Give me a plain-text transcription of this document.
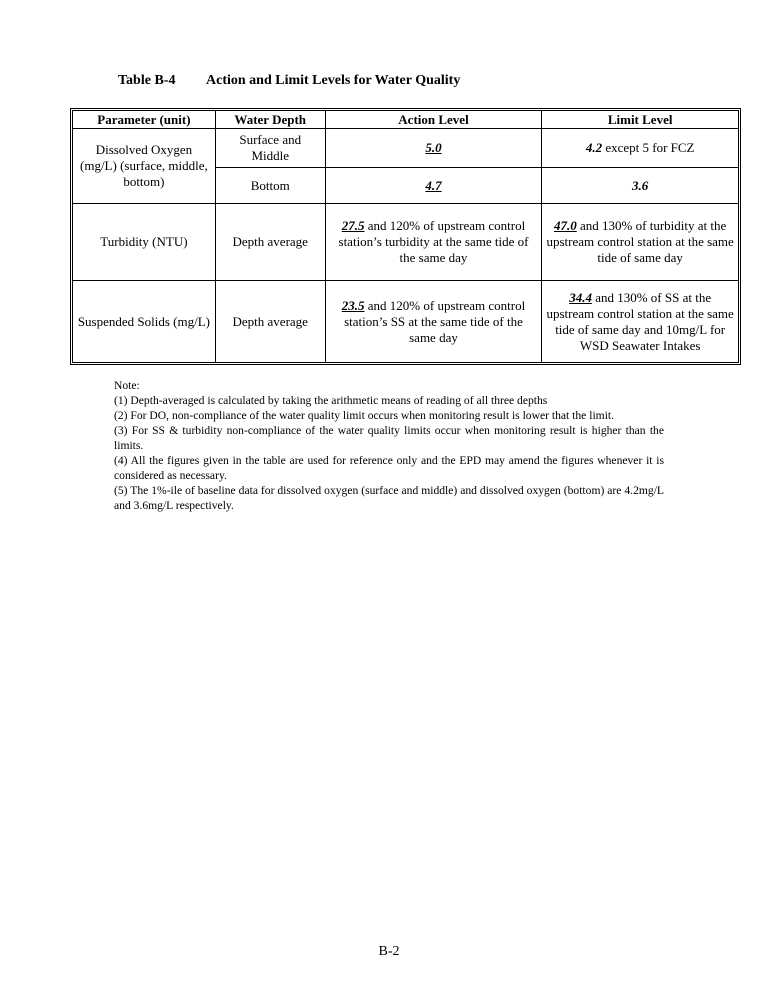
Table B-4 Action and Limit Levels for Water Quality
Parameter (unit)	Water Depth	Action Level	Limit Level
Dissolved Oxygen (mg/L) (surface, middle, bottom)	Surface and Middle	5.0	4.2 except 5 for FCZ
	Bottom	4.7	3.6
Turbidity (NTU)	Depth average	27.5 and 120% of upstream control station’s turbidity at the same tide of the same day	47.0 and 130% of turbidity at the upstream control station at the same tide of same day
Suspended Solids (mg/L)	Depth average	23.5 and 120% of upstream control station’s SS at the same tide of the same day	34.4 and 130% of SS at the upstream control station at the same tide of same day and 10mg/L for WSD Seawater Intakes

Note:

(1) Depth-averaged is calculated by taking the arithmetic means of reading of all three depths

(2) For DO, non-compliance of the water quality limit occurs when monitoring result is lower that the limit.

(3) For SS & turbidity non-compliance of the water quality limits occur when monitoring result is higher than the limits.

(4) All the figures given in the table are used for reference only and the EPD may amend the figures whenever it is considered as necessary.

(5) The 1%-ile of baseline data for dissolved oxygen (surface and middle) and dissolved oxygen (bottom) are 4.2mg/L and 3.6mg/L respectively.

B-2
